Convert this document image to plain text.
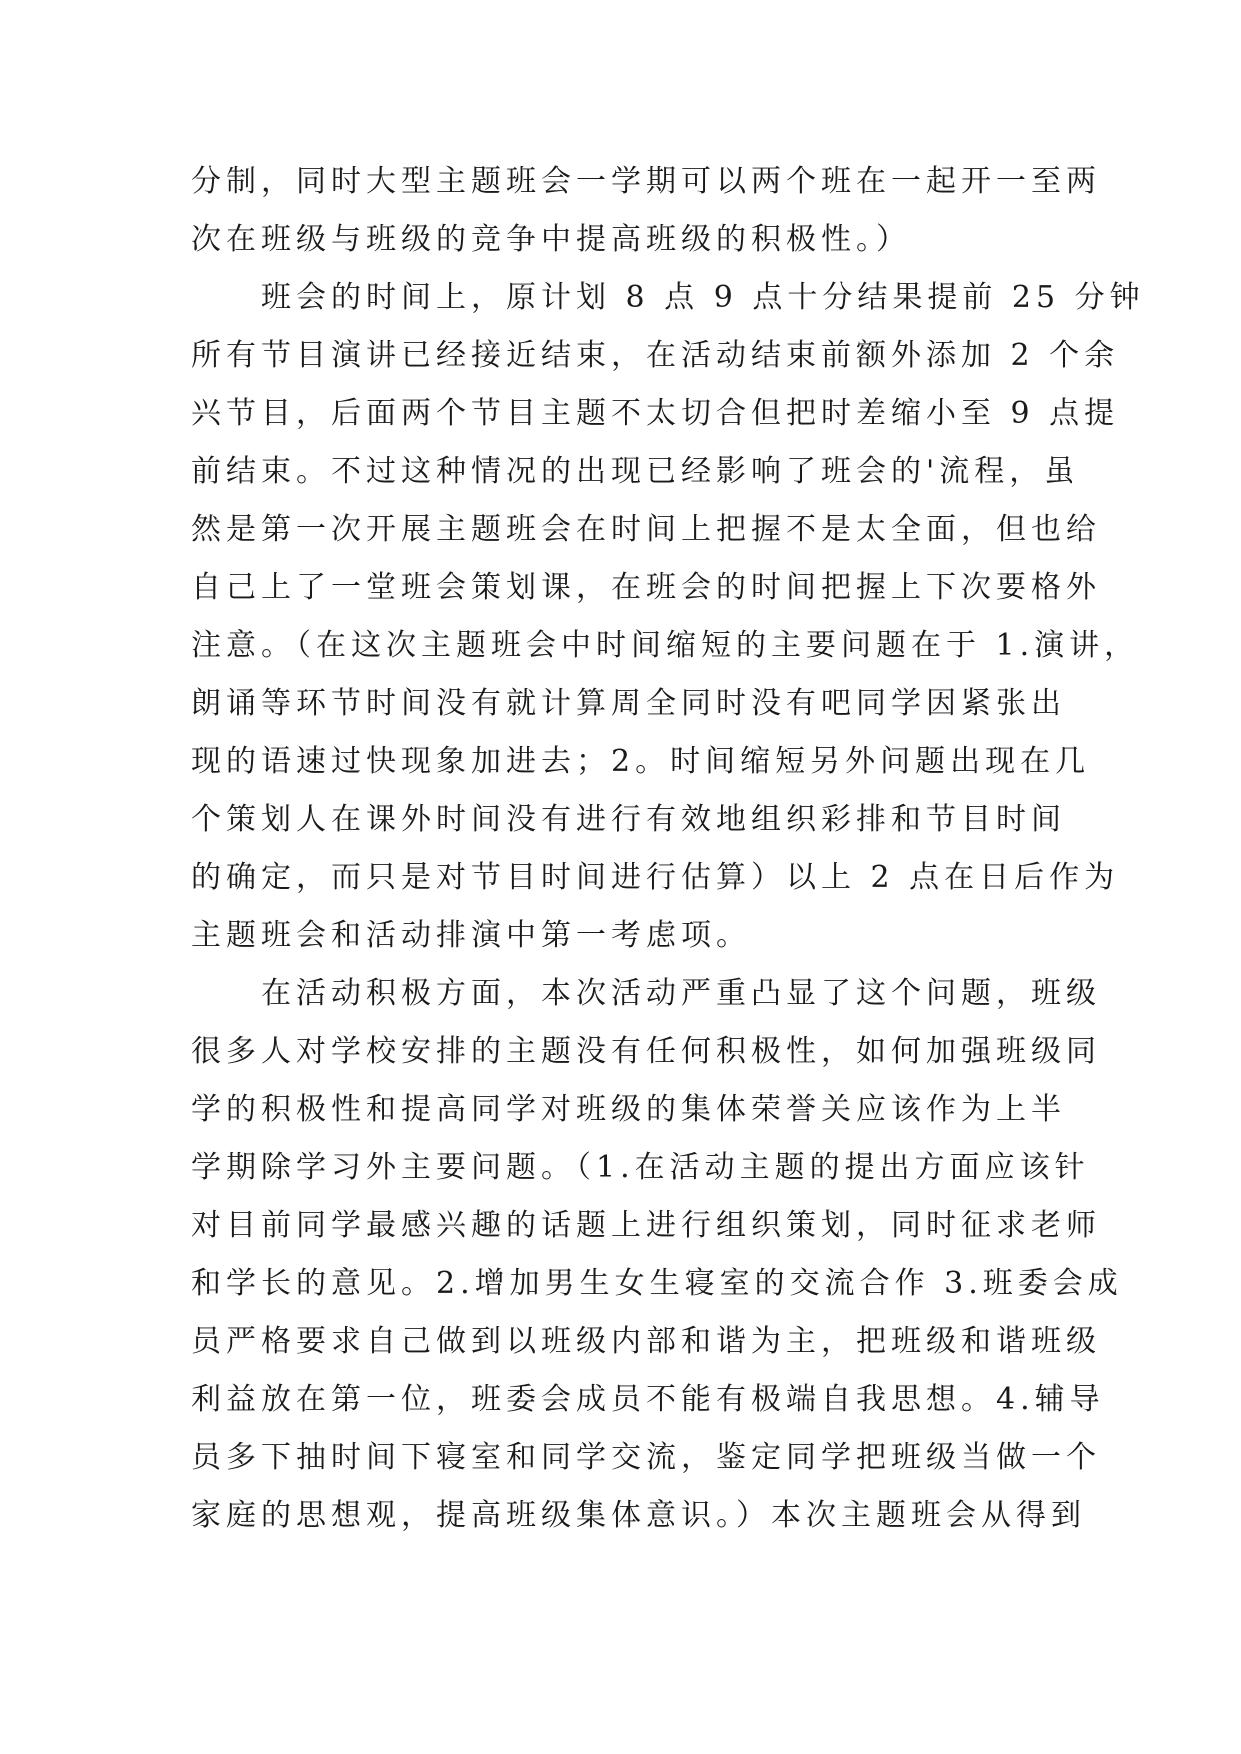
分制，同时大型主题班会一学期可以两个班在一起开一至两
次在班级与班级的竞争中提高班级的积极性。）
班会的时间上，原计划 8 点 9 点十分结果提前 25 分钟
所有节目演讲已经接近结束，在活动结束前额外添加 2 个余
兴节目，后面两个节目主题不太切合但把时差缩小至 9 点提
前结束。不过这种情况的出现已经影响了班会的'流程，虽
然是第一次开展主题班会在时间上把握不是太全面，但也给
自己上了一堂班会策划课，在班会的时间把握上下次要格外
注意。（在这次主题班会中时间缩短的主要问题在于 1.演讲，
朗诵等环节时间没有就计算周全同时没有吧同学因紧张出
现的语速过快现象加进去；2。时间缩短另外问题出现在几
个策划人在课外时间没有进行有效地组织彩排和节目时间
的确定，而只是对节目时间进行估算）以上 2 点在日后作为
主题班会和活动排演中第一考虑项。
在活动积极方面，本次活动严重凸显了这个问题，班级
很多人对学校安排的主题没有任何积极性，如何加强班级同
学的积极性和提高同学对班级的集体荣誉关应该作为上半
学期除学习外主要问题。（1.在活动主题的提出方面应该针
对目前同学最感兴趣的话题上进行组织策划，同时征求老师
和学长的意见。2.增加男生女生寝室的交流合作 3.班委会成
员严格要求自己做到以班级内部和谐为主，把班级和谐班级
利益放在第一位，班委会成员不能有极端自我思想。4.辅导
员多下抽时间下寝室和同学交流，鉴定同学把班级当做一个
家庭的思想观，提高班级集体意识。）本次主题班会从得到
